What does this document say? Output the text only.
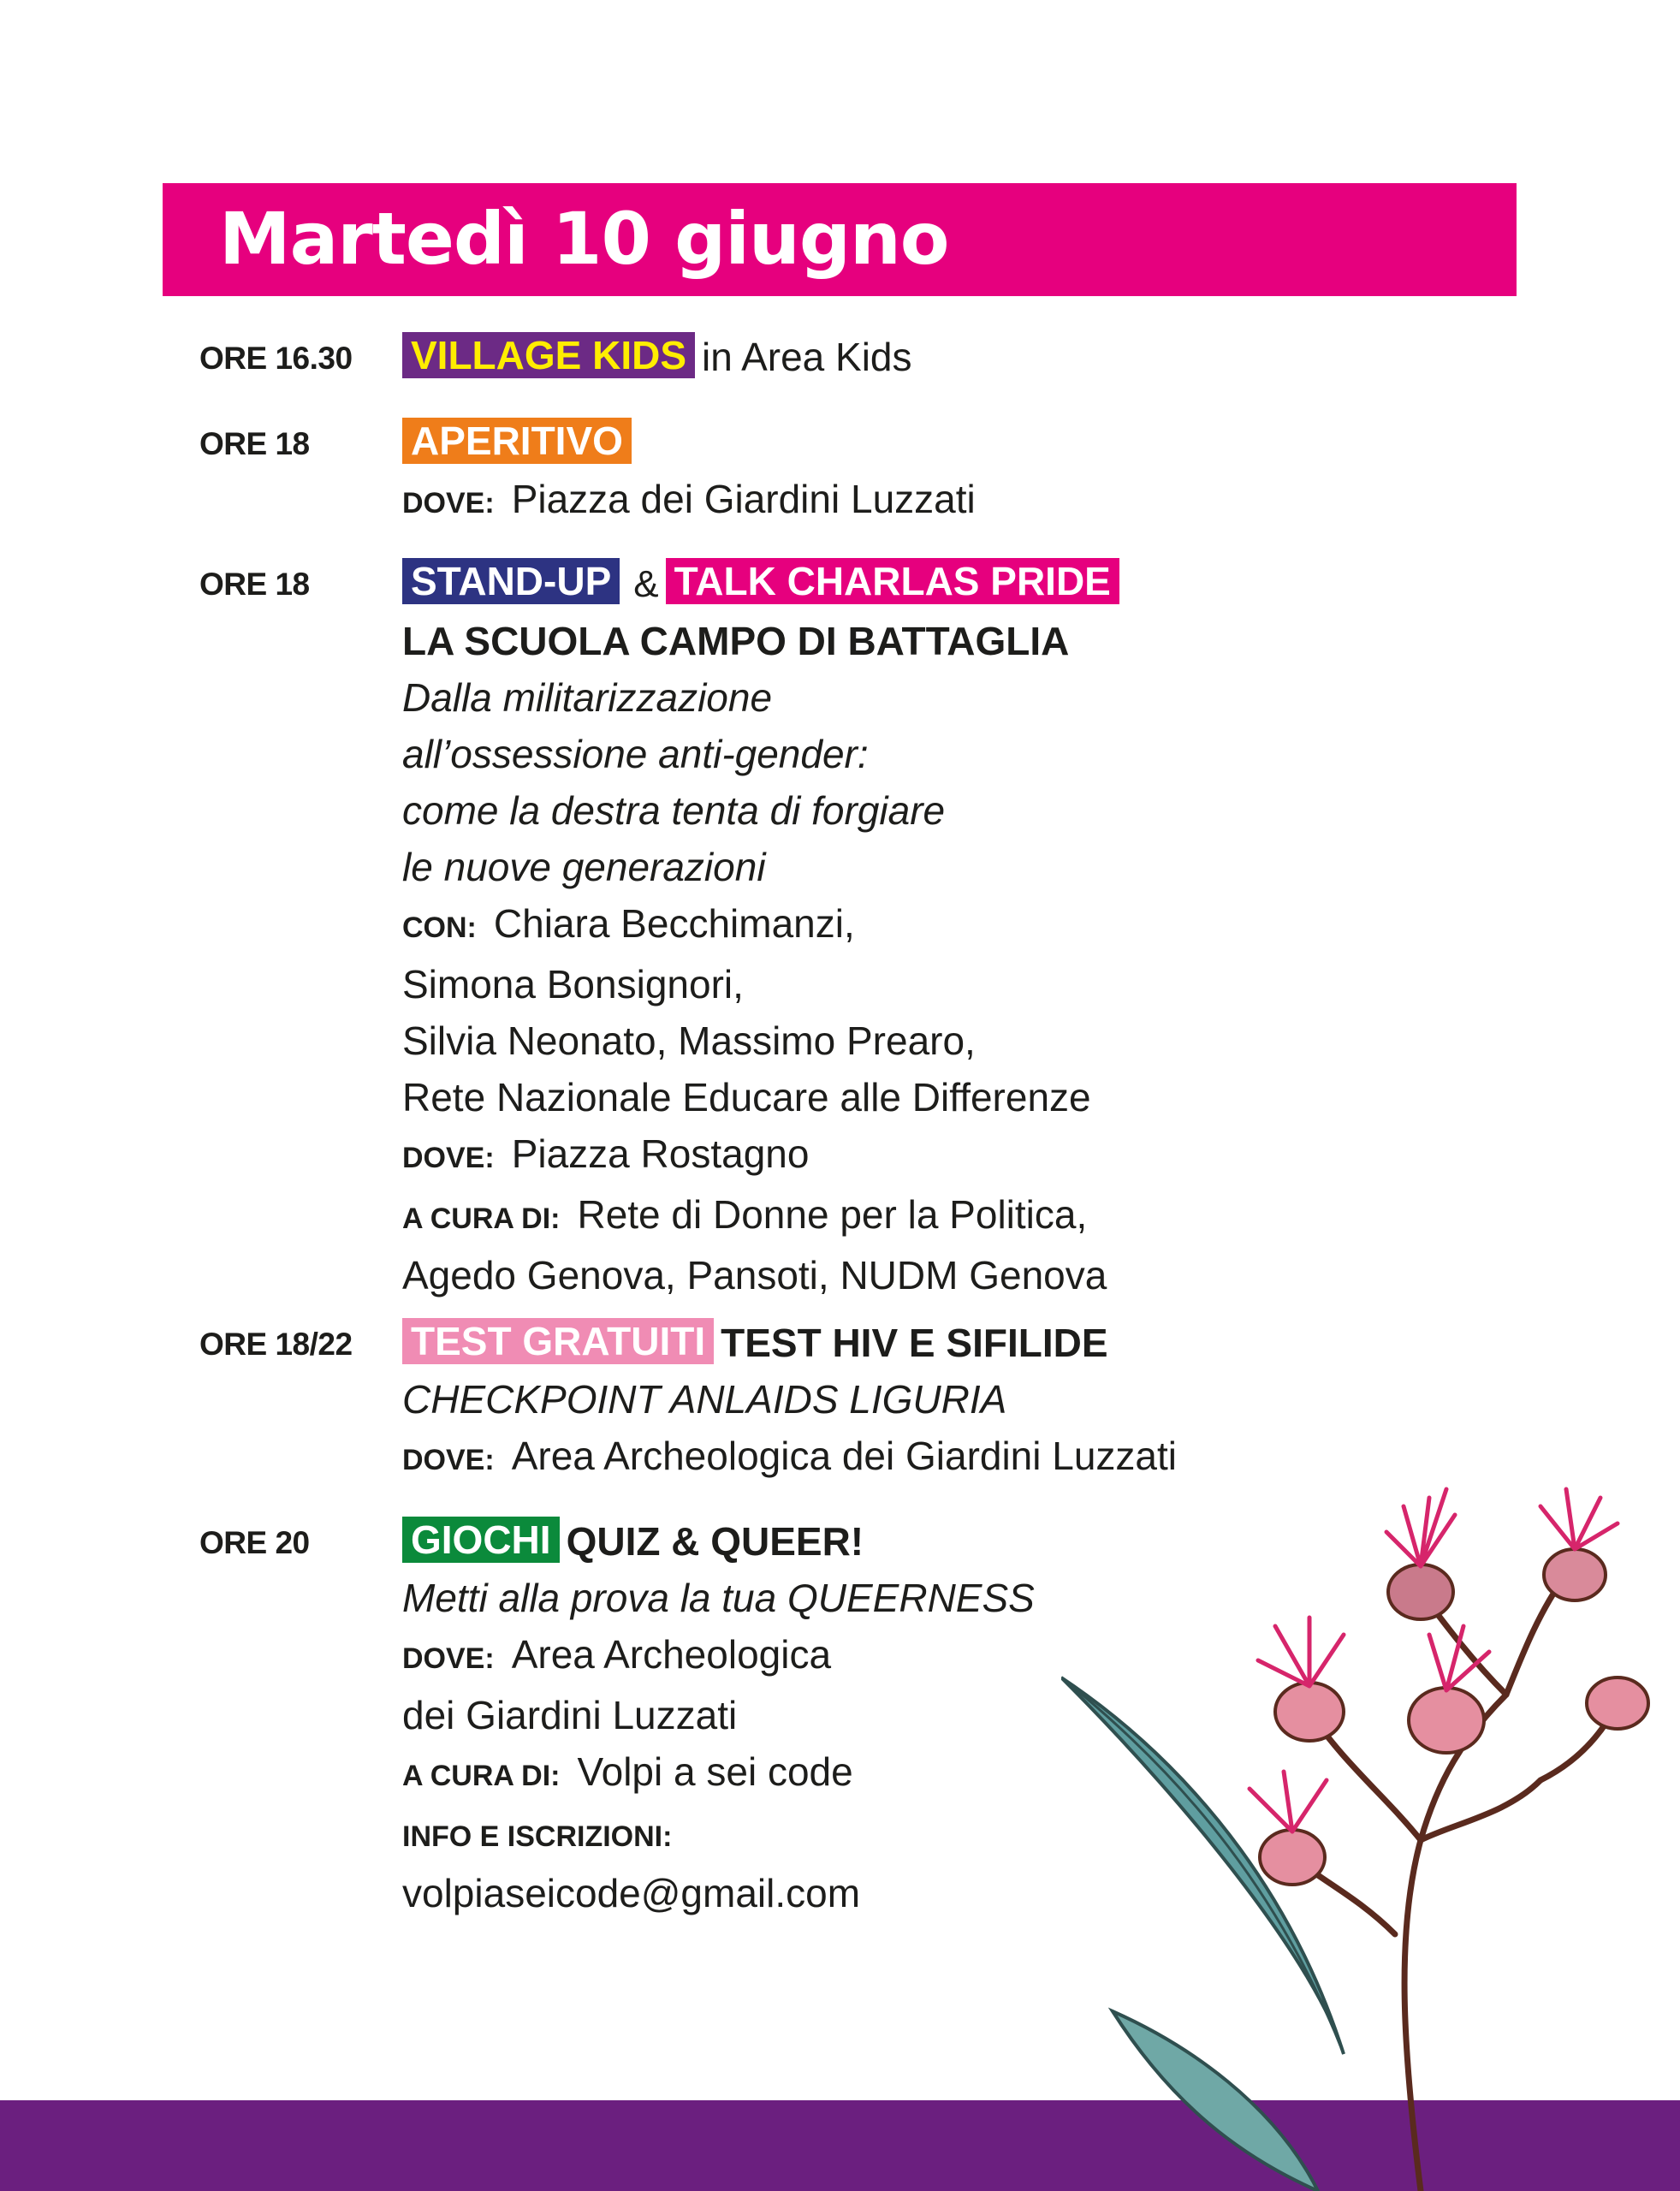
Martedì 10 giugno
ORE 16.30 VILLAGE KIDS in Area Kids
ORE 18	APERITIVO
DOVE: Piazza dei Giardini Luzzati
ORE 18	STAND-UP & TALK CHARLAS PRIDE
LA SCUOLA CAMPO DI BATTAGLIA
Dalla militarizzazione
all’ossessione anti-gender:
come la destra tenta di forgiare
le nuove generazioni
CON: Chiara Becchimanzi,
Simona Bonsignori,
Silvia Neonato, Massimo Prearo,
Rete Nazionale Educare alle Differenze
DOVE: Piazza Rostagno
A CURA DI: Rete di Donne per la Politica,
Agedo Genova, Pansoti, NUDM Genova
ORE 18/22 TEST GRATUITI TEST HIV E SIFILIDE
CHECKPOINT ANLAIDS LIGURIA
DOVE: Area Archeologica dei Giardini Luzzati
ORE 20	GIOCHI QUIZ & QUEER!
Metti alla prova la tua QUEERNESS
DOVE: Area Archeologica
dei Giardini Luzzati
A CURA DI: Volpi a sei code
INFO E ISCRIZIONI:
volpiaseicode@gmail.com
